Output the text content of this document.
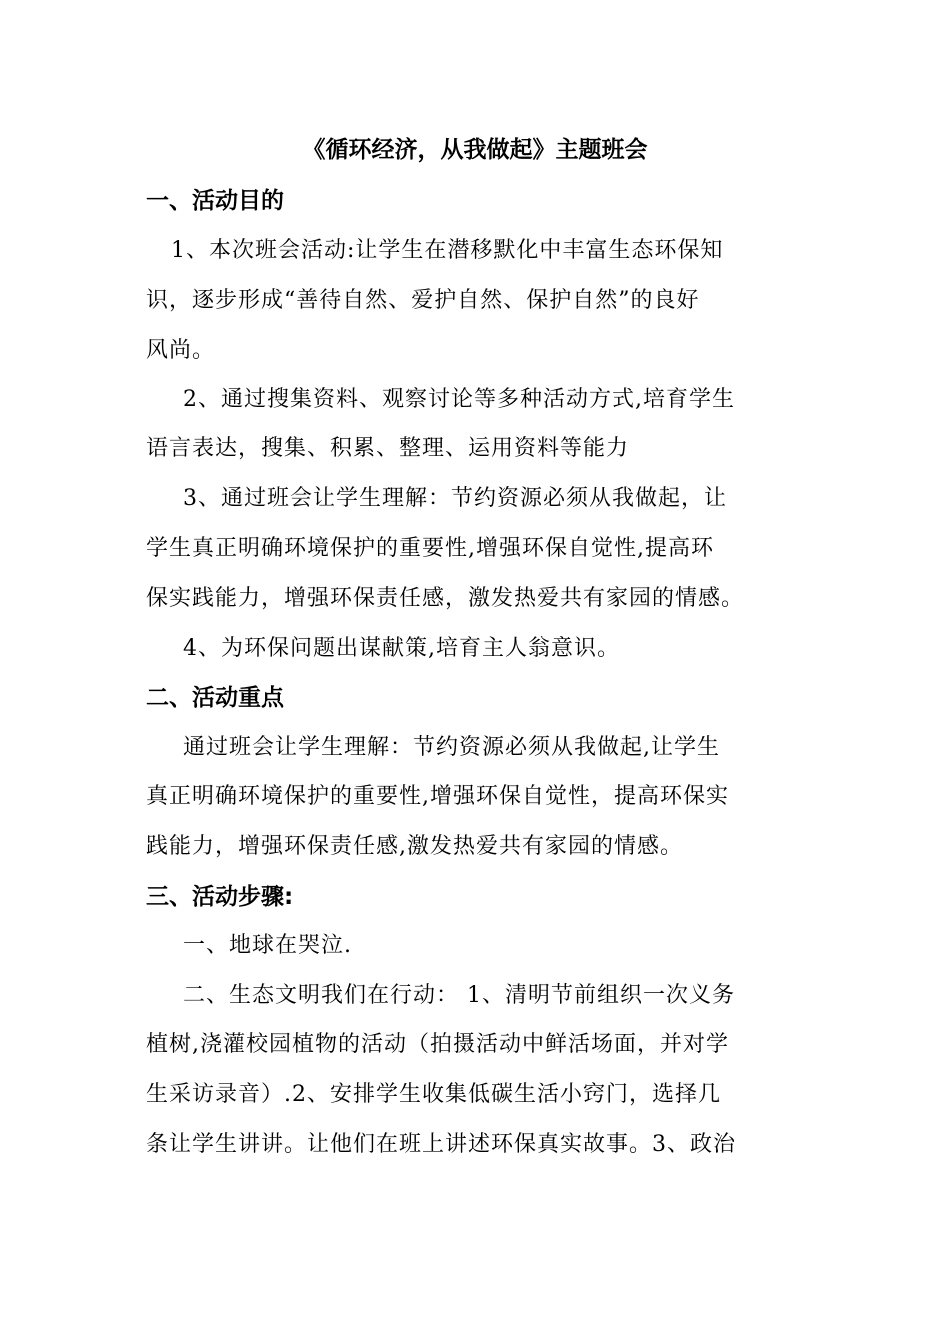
《循环经济，从我做起》主题班会
一、活动目的
1、本次班会活动:让学生在潜移默化中丰富生态环保知
识，逐步形成“善待自然、爱护自然、保护自然”的良好
风尚。
2、通过搜集资料、观察讨论等多种活动方式,培育学生
语言表达，搜集、积累、整理、运用资料等能力
3、通过班会让学生理解：节约资源必须从我做起，让
学生真正明确环境保护的重要性,增强环保自觉性,提高环
保实践能力，增强环保责任感，激发热爱共有家园的情感。
4、为环保问题出谋献策,培育主人翁意识。
二、活动重点
通过班会让学生理解：节约资源必须从我做起,让学生
真正明确环境保护的重要性,增强环保自觉性，提高环保实
践能力，增强环保责任感,激发热爱共有家园的情感。
三、活动步骤:
一、地球在哭泣.
二、生态文明我们在行动： 1、清明节前组织一次义务
植树,浇灌校园植物的活动（拍摄活动中鲜活场面，并对学
生采访录音）.2、安排学生收集低碳生活小窍门，选择几
条让学生讲讲。让他们在班上讲述环保真实故事。3、政治
